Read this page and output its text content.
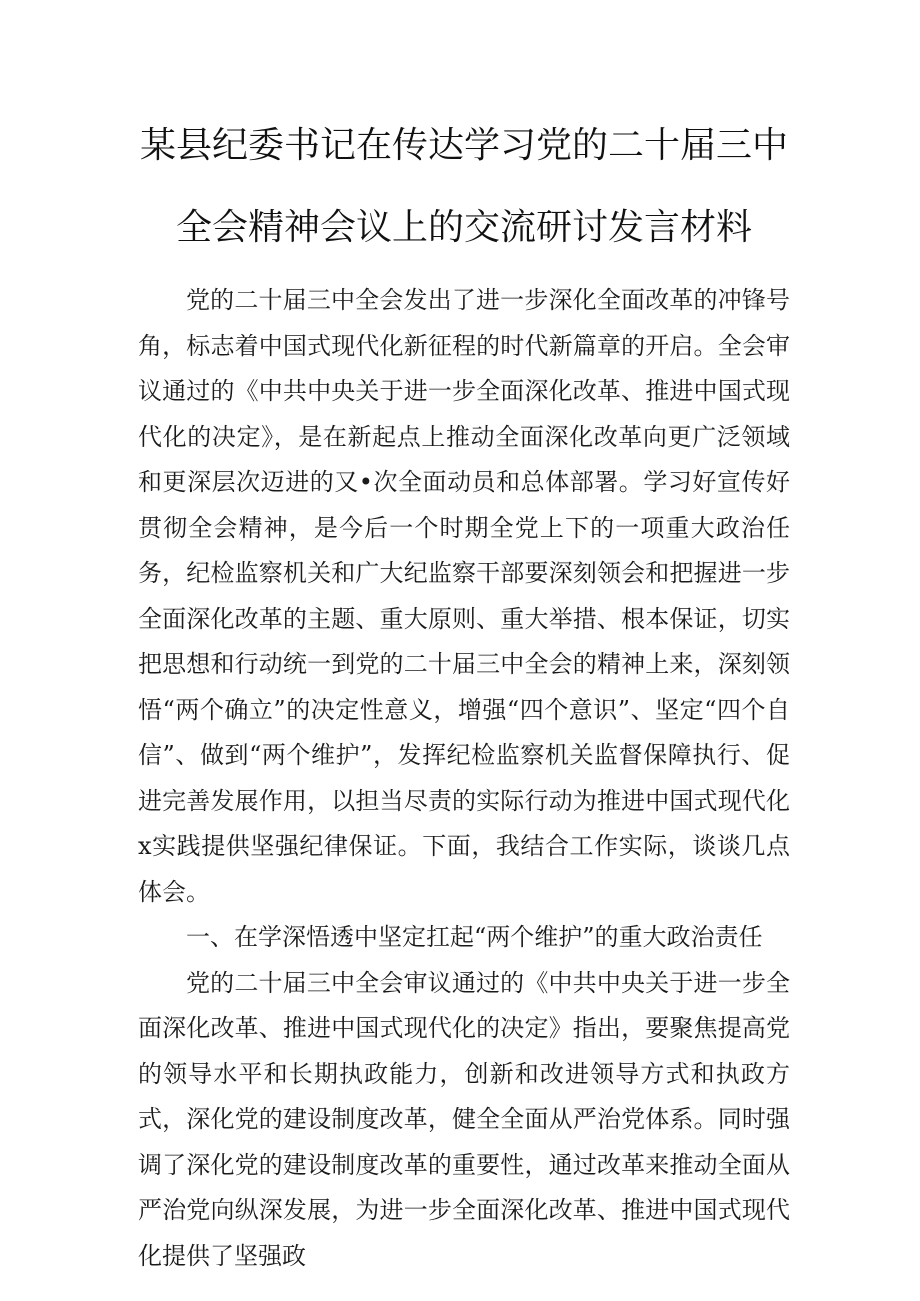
某县纪委书记在传达学习党的二十届三中
全会精神会议上的交流研讨发言材料

党的二十届三中全会发出了进一步深化全面改革的冲锋号角，标志着中国式现代化新征程的时代新篇章的开启。全会审议通过的《中共中央关于进一步全面深化改革、推进中国式现代化的决定》，是在新起点上推动全面深化改革向更广泛领域和更深层次迈进的又•次全面动员和总体部署。学习好宣传好贯彻全会精神，是今后一个时期全党上下的一项重大政治任务，纪检监察机关和广大纪监察干部要深刻领会和把握进一步全面深化改革的主题、重大原则、重大举措、根本保证，切实把思想和行动统一到党的二十届三中全会的精神上来，深刻领悟“两个确立”的决定性意义，增强“四个意识”、坚定“四个自信”、做到“两个维护”，发挥纪检监察机关监督保障执行、促进完善发展作用，以担当尽责的实际行动为推进中国式现代化x实践提供坚强纪律保证。下面，我结合工作实际，谈谈几点体会。

一、在学深悟透中坚定扛起“两个维护”的重大政治责任

党的二十届三中全会审议通过的《中共中央关于进一步全面深化改革、推进中国式现代化的决定》指出，要聚焦提高党的领导水平和长期执政能力，创新和改进领导方式和执政方式，深化党的建设制度改革，健全全面从严治党体系。同时强调了深化党的建设制度改革的重要性，通过改革来推动全面从严治党向纵深发展，为进一步全面深化改革、推进中国式现代化提供了坚强政
